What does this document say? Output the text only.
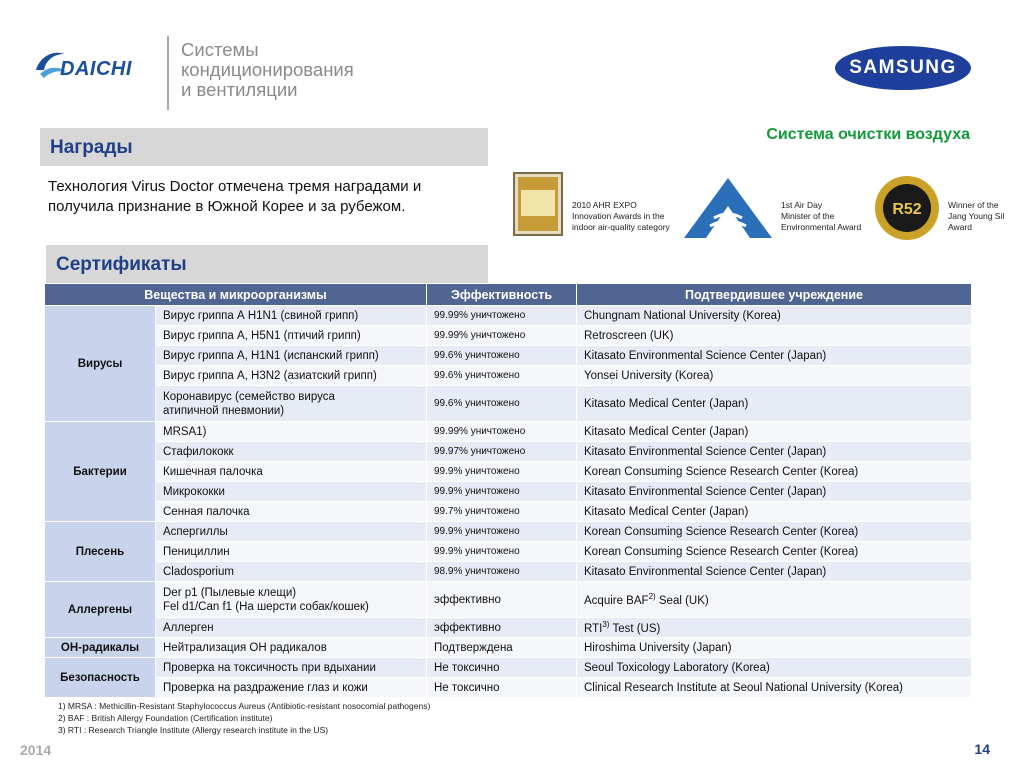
DAICHI
Системы
кондиционирования
и вентиляции
SAMSUNG
Награды
Технология Virus Doctor отмечена тремя наградами и получила признание в Южной Корее и за рубежом.
Система очистки воздуха
2010 AHR EXPO
Innovation Awards in the
indoor air-quality category
1st Air Day
Minister of the
Environmental Award
R52	Winner of the
Jang Young Sil
Award
Сертификаты
Вещества и микроорганизмы		Эффективность	Подтвердившее учреждение
Вирусы	Вирус гриппа А H1N1 (свиной грипп)	99.99% уничтожено	Chungnam National University (Korea)

	Вирус гриппа А, H5N1 (птичий грипп)	99.99% уничтожено	Retroscreen (UK)

	Вирус гриппа А, H1N1 (испанский грипп)	99.6% уничтожено	Kitasato Environmental Science Center (Japan)

	Вирус гриппа А, H3N2 (азиатский грипп)	99.6% уничтожено	Yonsei University (Korea)

	Коронавирус (семейство вируса
атипичной пневмонии)	99.6% уничтожено	Kitasato Medical Center (Japan)
Бактерии	MRSA1)	99.99% уничтожено	Kitasato Medical Center (Japan)

	Стафилококк	99.97% уничтожено	Kitasato Environmental Science Center (Japan)

	Кишечная палочка	99.9% уничтожено	Korean Consuming Science Research Center (Korea)

	Микрококки	99.9% уничтожено	Kitasato Environmental Science Center (Japan)

	Сенная палочка	99.7% уничтожено	Kitasato Medical Center (Japan)
Плесень	Аспергиллы	99.9% уничтожено	Korean Consuming Science Research Center (Korea)

	Пенициллин	99.9% уничтожено	Korean Consuming Science Research Center (Korea)

	Cladosporium	98.9% уничтожено	Kitasato Environmental Science Center (Japan)
Аллергены	Der p1 (Пылевые клещи)
Fel d1/Can f1 (На шерсти собак/кошек)	эффективно	Acquire BAF$^{2)}$ Seal (UK)

	Аллерген	эффективно	RTI$^{3)}$ Test (US)
ОН-радикалы	Нейтрализация ОН радикалов	Подтверждена	Hiroshima University (Japan)
Безопасность	Проверка на токсичность при вдыхании	Не токсично	Seoul Toxicology Laboratory (Korea)

	Проверка на раздражение глаз и кожи	Не токсично	Clinical Research Institute at Seoul National University (Korea)
1) MRSA : Methicillin-Resistant Staphylococcus Aureus (Antibiotic-resistant nosocomial pathogens)
2) BAF : British Allergy Foundation (Certification institute)
3) RTI : Research Triangle Institute (Allergy research institute in the US)
2014	14
